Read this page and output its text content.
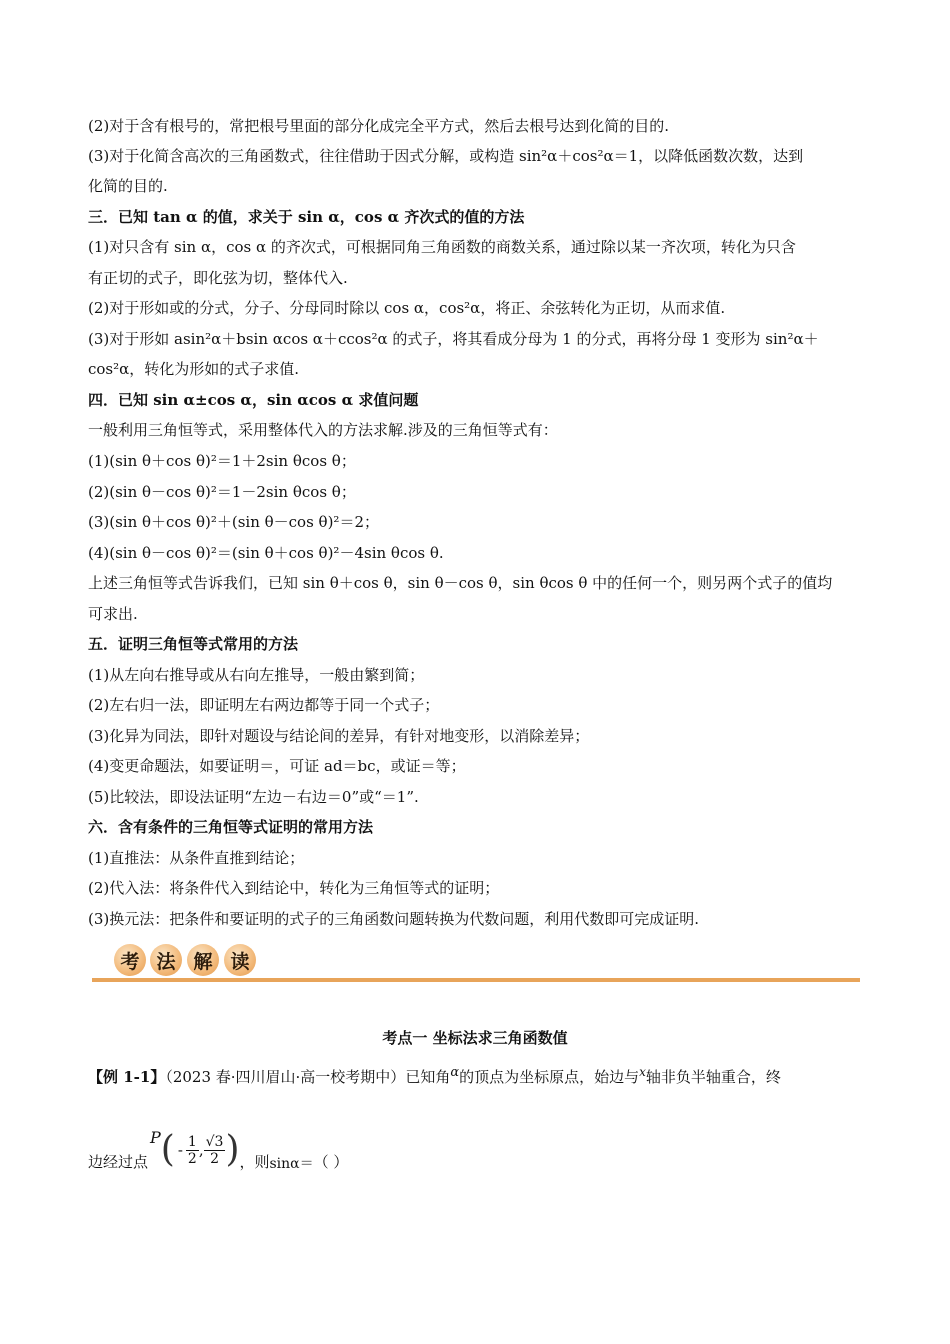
(2)对于含有根号的，常把根号里面的部分化成完全平方式，然后去根号达到化简的目的.
(3)对于化简含高次的三角函数式，往往借助于因式分解，或构造 sin²α＋cos²α＝1，以降低函数次数，达到
化简的目的.
三．已知 tan α 的值，求关于 sin α，cos α 齐次式的值的方法
(1)对只含有 sin α，cos α 的齐次式，可根据同角三角函数的商数关系，通过除以某一齐次项，转化为只含
有正切的式子，即化弦为切，整体代入.
(2)对于形如或的分式，分子、分母同时除以 cos α，cos²α，将正、余弦转化为正切，从而求值.
(3)对于形如 asin²α＋bsin αcos α＋ccos²α 的式子，将其看成分母为 1 的分式，再将分母 1 变形为 sin²α＋
cos²α，转化为形如的式子求值.
四．已知 sin α±cos α，sin αcos α 求值问题
一般利用三角恒等式，采用整体代入的方法求解.涉及的三角恒等式有：
(1)(sin θ＋cos θ)²＝1＋2sin θcos θ；
(2)(sin θ－cos θ)²＝1－2sin θcos θ；
(3)(sin θ＋cos θ)²＋(sin θ－cos θ)²＝2；
(4)(sin θ－cos θ)²＝(sin θ＋cos θ)²－4sin θcos θ.
上述三角恒等式告诉我们，已知 sin θ＋cos θ，sin θ－cos θ，sin θcos θ 中的任何一个，则另两个式子的值均
可求出.
五．证明三角恒等式常用的方法
(1)从左向右推导或从右向左推导，一般由繁到简；
(2)左右归一法，即证明左右两边都等于同一个式子；
(3)化异为同法，即针对题设与结论间的差异，有针对地变形，以消除差异；
(4)变更命题法，如要证明＝，可证 ad＝bc，或证＝等；
(5)比较法，即设法证明“左边－右边＝0”或“＝1”.
六．含有条件的三角恒等式证明的常用方法
(1)直推法：从条件直推到结论；
(2)代入法：将条件代入到结论中，转化为三角恒等式的证明；
(3)换元法：把条件和要证明的式子的三角函数问题转换为代数问题，利用代数即可完成证明.
考 法 解 读
考点一 坐标法求三角函数值
【例 1-1】（2023 春·四川眉山·高一校考期中）已知角$^\alpha$的顶点为坐标原点，始边与$^x$轴非负半轴重合，终
边经过点
P ( - $\frac{1}{2}$ , $\frac{√3}{2}$ ) ，则 sinα＝ （ ）
